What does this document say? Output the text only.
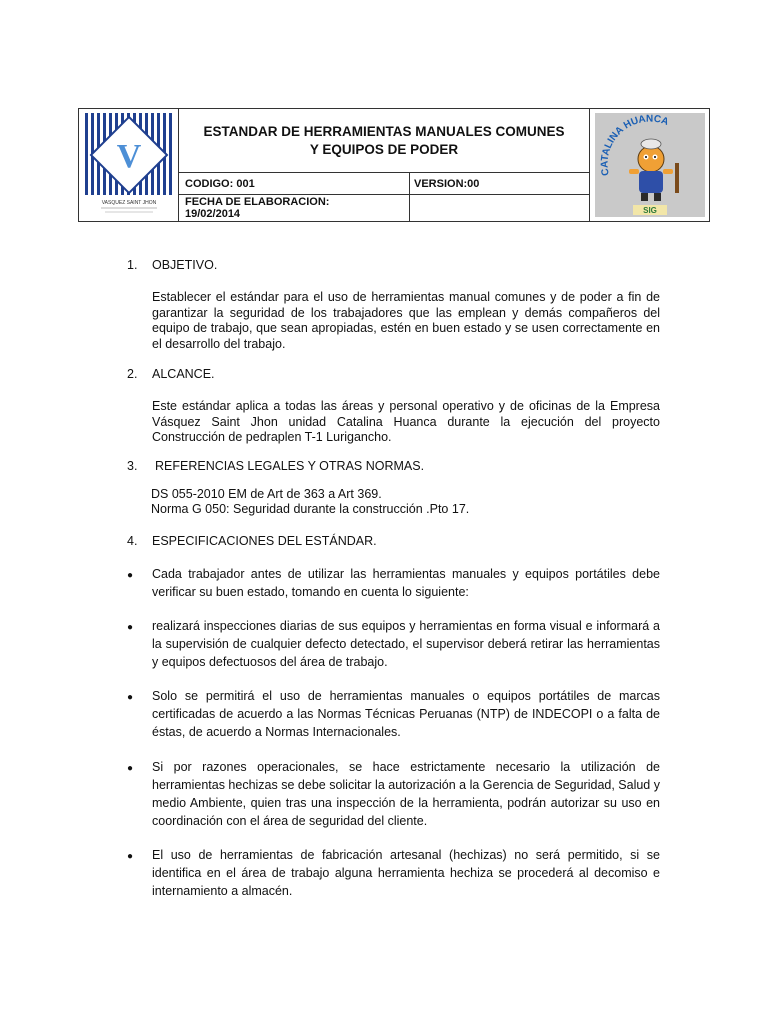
V
VASQUEZ SAINT JHON
ESTANDAR DE HERRAMIENTAS MANUALES COMUNES
Y EQUIPOS DE PODER
CODIGO: 001	VERSION:00
FECHA DE ELABORACION:
19/02/2014
CATALINA HUANCA
SIG
1. OBJETIVO.
Establecer el estándar para el uso de herramientas manual comunes y de poder a fin de garantizar la seguridad de los trabajadores que las emplean y demás compañeros del equipo de trabajo, que sean apropiadas, estén en buen estado y se usen correctamente en el desarrollo del trabajo.
2. ALCANCE.
Este estándar aplica a todas las áreas y personal operativo y de oficinas de la Empresa Vásquez Saint Jhon unidad Catalina Huanca durante la ejecución del proyecto Construcción de pedraplen T-1 Lurigancho.
3. REFERENCIAS LEGALES Y OTRAS NORMAS.
DS 055-2010 EM de Art de 363 a Art 369.
Norma G 050: Seguridad durante la construcción .Pto 17.
4. ESPECIFICACIONES DEL ESTÁNDAR.
● Cada trabajador antes de utilizar las herramientas manuales y equipos portátiles debe verificar su buen estado, tomando en cuenta lo siguiente:
● realizará inspecciones diarias de sus equipos y herramientas en forma visual e informará a la supervisión de cualquier defecto detectado, el supervisor deberá retirar las herramientas y equipos defectuosos del área de trabajo.
● Solo se permitirá el uso de herramientas manuales o equipos portátiles de marcas certificadas de acuerdo a las Normas Técnicas Peruanas (NTP) de INDECOPI o a falta de éstas, de acuerdo a Normas Internacionales.
● Si por razones operacionales, se hace estrictamente necesario la utilización de herramientas hechizas se debe solicitar la autorización a la Gerencia de Seguridad, Salud y medio Ambiente, quien tras una inspección de la herramienta, podrán autorizar su uso en coordinación con el área de seguridad del cliente.
● El uso de herramientas de fabricación artesanal (hechizas) no será permitido, si se identifica en el área de trabajo alguna herramienta hechiza se procederá al decomiso e internamiento a almacén.
